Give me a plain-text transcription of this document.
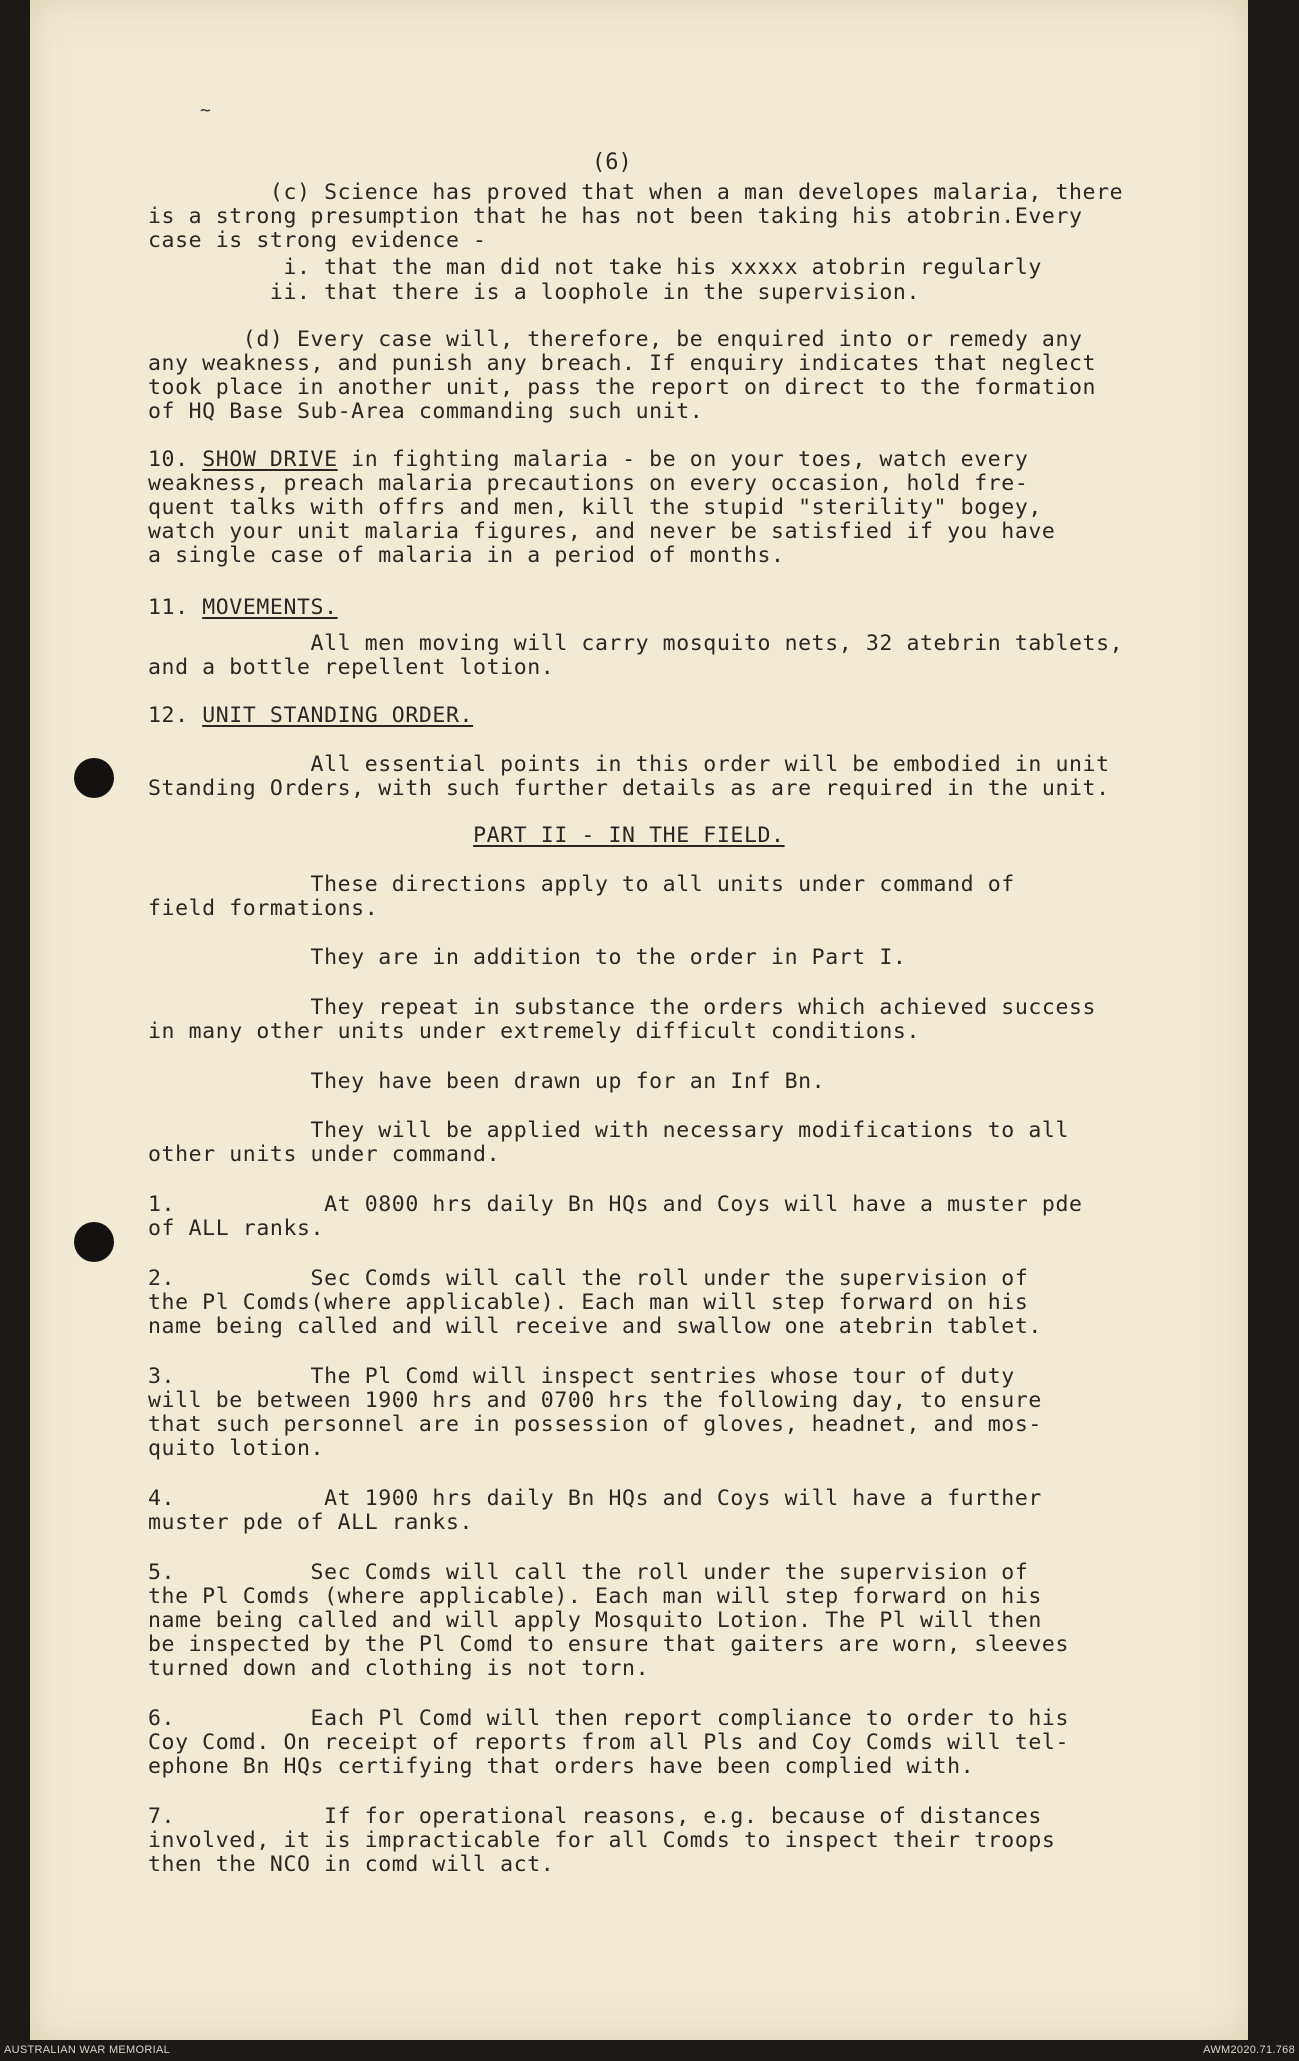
~
(6)
(c) Science has proved that when a man developes malaria, there
is a strong presumption that he has not been taking his atobrin.Every
case is strong evidence -
i. that the man did not take his xxxxx atobrin regularly
ii. that there is a loophole in the supervision.
(d) Every case will, therefore, be enquired into or remedy any
any weakness, and punish any breach. If enquiry indicates that neglect
took place in another unit, pass the report on direct to the formation
of HQ Base Sub-Area commanding such unit.
10. SHOW DRIVE in fighting malaria - be on your toes, watch every
weakness, preach malaria precautions on every occasion, hold fre-
quent talks with offrs and men, kill the stupid "sterility" bogey,
watch your unit malaria figures, and never be satisfied if you have
a single case of malaria in a period of months.
11. MOVEMENTS.
All men moving will carry mosquito nets, 32 atebrin tablets,
and a bottle repellent lotion.
12. UNIT STANDING ORDER.
All essential points in this order will be embodied in unit
Standing Orders, with such further details as are required in the unit.
PART II - IN THE FIELD.
These directions apply to all units under command of
field formations.
They are in addition to the order in Part I.
They repeat in substance the orders which achieved success
in many other units under extremely difficult conditions.
They have been drawn up for an Inf Bn.
They will be applied with necessary modifications to all
other units under command.
1.           At 0800 hrs daily Bn HQs and Coys will have a muster pde
of ALL ranks.
2.          Sec Comds will call the roll under the supervision of
the Pl Comds(where applicable). Each man will step forward on his
name being called and will receive and swallow one atebrin tablet.
3.          The Pl Comd will inspect sentries whose tour of duty
will be between 1900 hrs and 0700 hrs the following day, to ensure
that such personnel are in possession of gloves, headnet, and mos-
quito lotion.
4.           At 1900 hrs daily Bn HQs and Coys will have a further
muster pde of ALL ranks.
5.          Sec Comds will call the roll under the supervision of
the Pl Comds (where applicable). Each man will step forward on his
name being called and will apply Mosquito Lotion. The Pl will then
be inspected by the Pl Comd to ensure that gaiters are worn, sleeves
turned down and clothing is not torn.
6.          Each Pl Comd will then report compliance to order to his
Coy Comd. On receipt of reports from all Pls and Coy Comds will tel-
ephone Bn HQs certifying that orders have been complied with.
7.           If for operational reasons, e.g. because of distances
involved, it is impracticable for all Comds to inspect their troops
then the NCO in comd will act.
AUSTRALIAN WAR MEMORIAL	AWM2020.71.768
